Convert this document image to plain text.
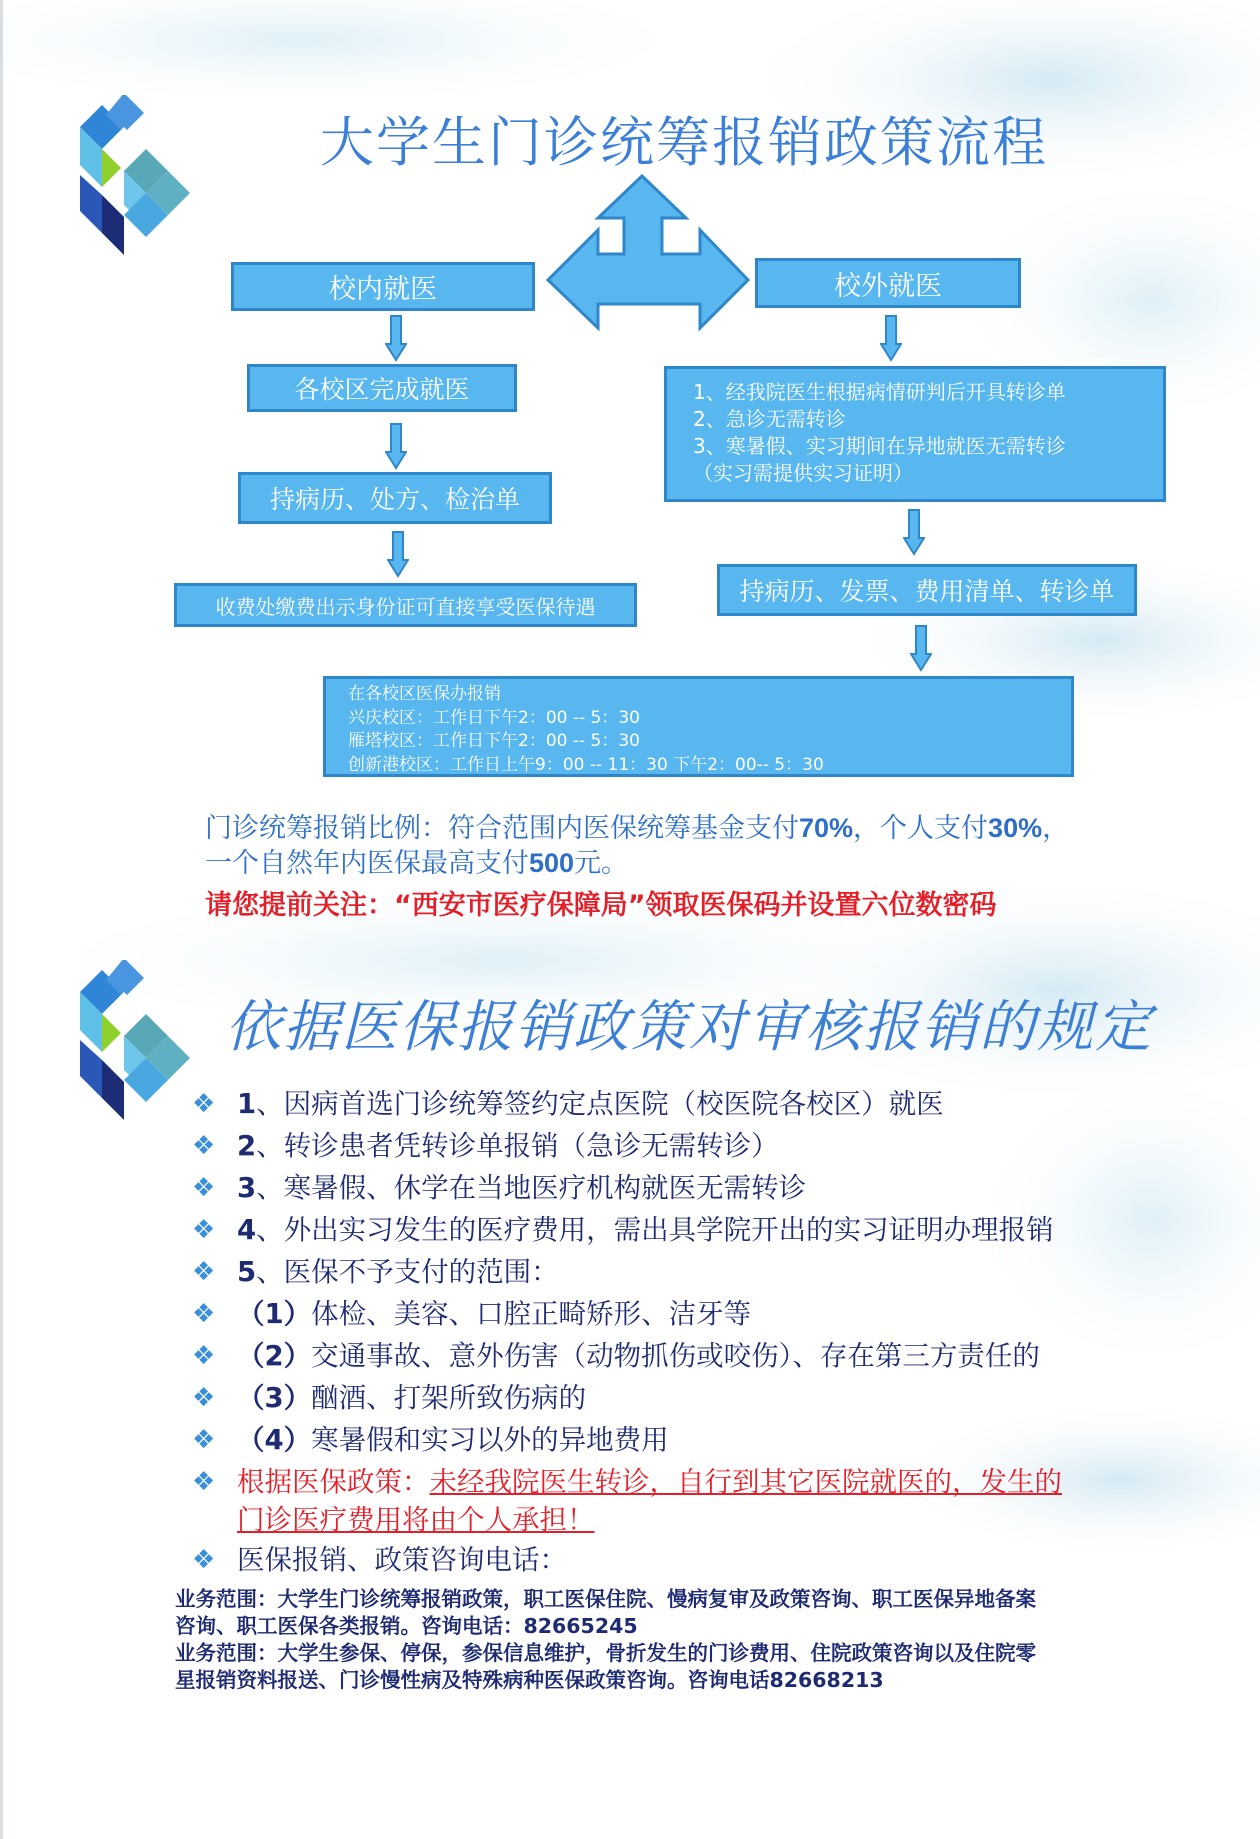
大学生门诊统筹报销政策流程
校内就医
各校区完成就医
持病历、处方、检治单
收费处缴费出示身份证可直接享受医保待遇
校外就医
1、经我院医生根据病情研判后开具转诊单
2、急诊无需转诊
3、寒暑假、实习期间在异地就医无需转诊
（实习需提供实习证明）
持病历、发票、费用清单、转诊单
在各校区医保办报销
兴庆校区：工作日下午2：00 -- 5：30
雁塔校区：工作日下午2：00 -- 5：30
创新港校区：工作日上午9：00 -- 11：30 下午2：00-- 5：30
门诊统筹报销比例：符合范围内医保统筹基金支付70%，个人支付30%，
一个自然年内医保最高支付500元。
请您提前关注：“西安市医疗保障局”领取医保码并设置六位数密码
依据医保报销政策对审核报销的规定
❖ 1、因病首选门诊统筹签约定点医院（校医院各校区）就医
❖ 2、转诊患者凭转诊单报销（急诊无需转诊）
❖ 3、寒暑假、休学在当地医疗机构就医无需转诊
❖ 4、外出实习发生的医疗费用，需出具学院开出的实习证明办理报销
❖ 5、医保不予支付的范围：
❖ （1）体检、美容、口腔正畸矫形、洁牙等
❖ （2）交通事故、意外伤害（动物抓伤或咬伤）、存在第三方责任的
❖ （3）酗酒、打架所致伤病的
❖ （4）寒暑假和实习以外的异地费用
❖ 根据医保政策：未经我院医生转诊，自行到其它医院就医的，发生的
门诊医疗费用将由个人承担！
❖ 医保报销、政策咨询电话：
业务范围：大学生门诊统筹报销政策，职工医保住院、慢病复审及政策咨询、职工医保异地备案
咨询、职工医保各类报销。咨询电话：82665245
业务范围：大学生参保、停保，参保信息维护，骨折发生的门诊费用、住院政策咨询以及住院零
星报销资料报送、门诊慢性病及特殊病种医保政策咨询。咨询电话82668213
